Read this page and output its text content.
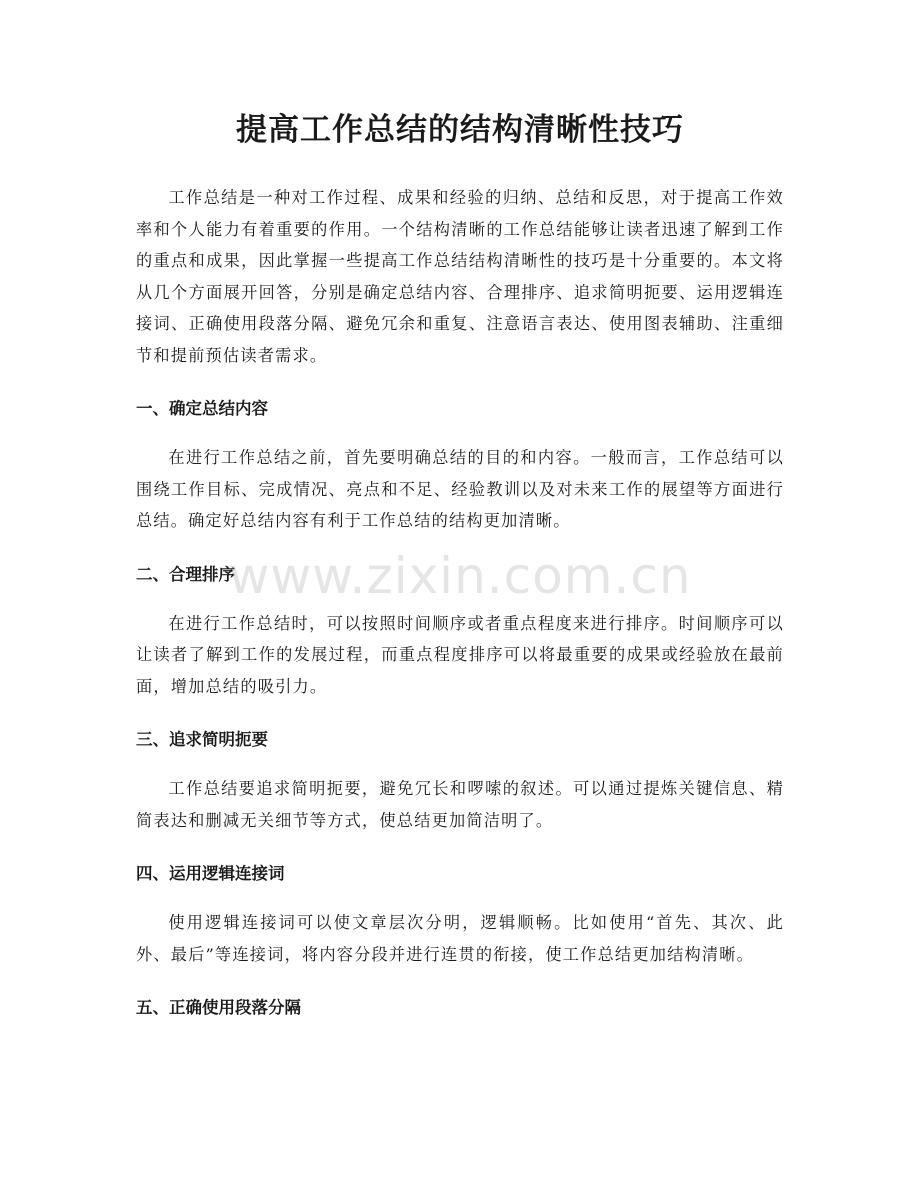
提高工作总结的结构清晰性技巧

工作总结是一种对工作过程、成果和经验的归纳、总结和反思，对于提高工作效率和个人能力有着重要的作用。一个结构清晰的工作总结能够让读者迅速了解到工作的重点和成果，因此掌握一些提高工作总结结构清晰性的技巧是十分重要的。本文将从几个方面展开回答，分别是确定总结内容、合理排序、追求简明扼要、运用逻辑连接词、正确使用段落分隔、避免冗余和重复、注意语言表达、使用图表辅助、注重细节和提前预估读者需求。

一、确定总结内容

在进行工作总结之前，首先要明确总结的目的和内容。一般而言，工作总结可以围绕工作目标、完成情况、亮点和不足、经验教训以及对未来工作的展望等方面进行总结。确定好总结内容有利于工作总结的结构更加清晰。

二、合理排序

在进行工作总结时，可以按照时间顺序或者重点程度来进行排序。时间顺序可以让读者了解到工作的发展过程，而重点程度排序可以将最重要的成果或经验放在最前面，增加总结的吸引力。

三、追求简明扼要

工作总结要追求简明扼要，避免冗长和啰嗦的叙述。可以通过提炼关键信息、精简表达和删减无关细节等方式，使总结更加简洁明了。

四、运用逻辑连接词

使用逻辑连接词可以使文章层次分明，逻辑顺畅。比如使用“首先、其次、此外、最后”等连接词，将内容分段并进行连贯的衔接，使工作总结更加结构清晰。

五、正确使用段落分隔
www.zixin.com.cn
